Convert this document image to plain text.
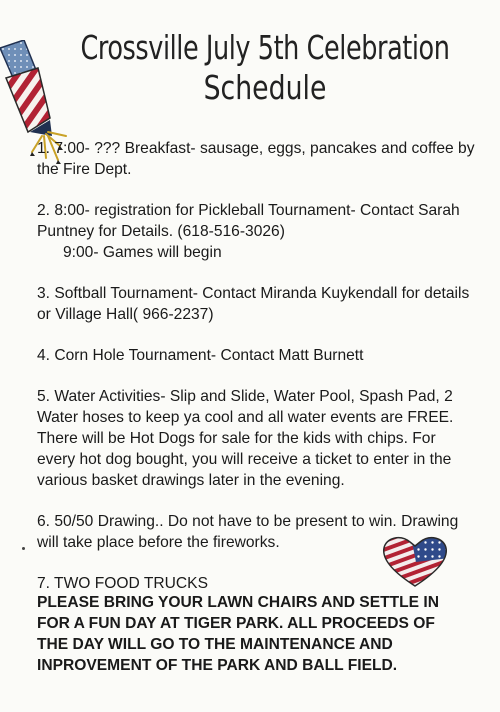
Crossville July 5th Celebration
Schedule
1. 7:00- ??? Breakfast- sausage, eggs, pancakes and coffee by the Fire Dept.
2. 8:00- registration for Pickleball Tournament- Contact Sarah Puntney for Details. (618-516-3026)
9:00- Games will begin
3. Softball Tournament- Contact Miranda Kuykendall for details or Village Hall( 966-2237)
4. Corn Hole Tournament- Contact Matt Burnett
5. Water Activities- Slip and Slide, Water Pool, Spash Pad, 2 Water hoses to keep ya cool and all water events are FREE. There will be Hot Dogs for sale for the kids with chips. For every hot dog bought, you will receive a ticket to enter in the various basket drawings later in the evening.
6. 50/50 Drawing.. Do not have to be present to win. Drawing will take place before the fireworks.
7. TWO FOOD TRUCKS
PLEASE BRING YOUR LAWN CHAIRS AND SETTLE IN FOR A FUN DAY AT TIGER PARK. ALL PROCEEDS OF THE DAY WILL GO TO THE MAINTENANCE AND INPROVEMENT OF THE PARK AND BALL FIELD.
